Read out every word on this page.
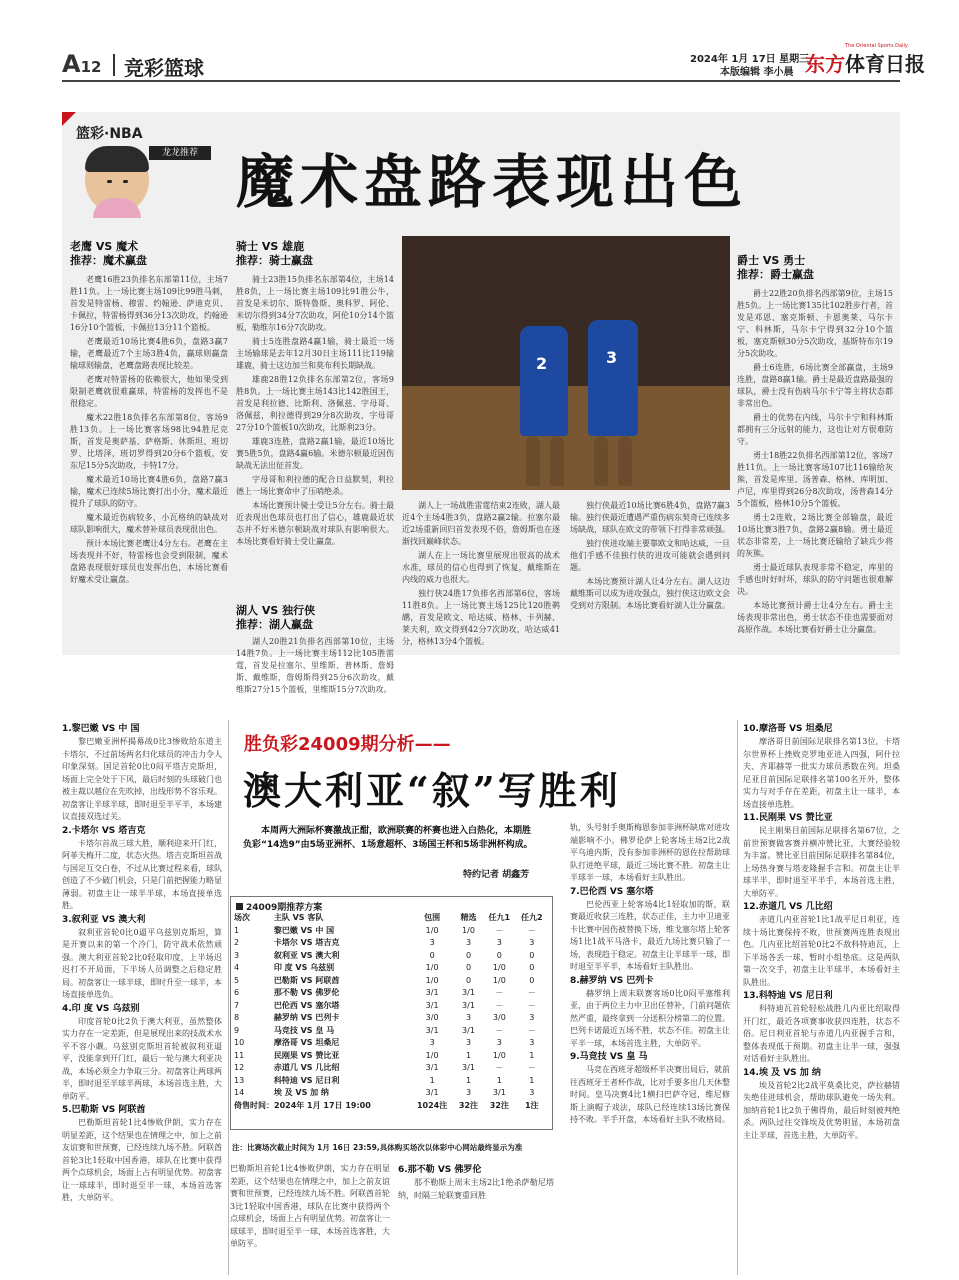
A12 竞彩篮球	2024年 1月 17日 星期三
本版编辑 李小晨 东方体育日报
The Oriental Sports Daily
篮彩·NBA
龙龙推荐 魔术盘路表现出色
老鹰 VS 魔术
推荐：魔术赢盘

老鹰16胜23负排名东部第11位，主场7胜11负。上一场比赛主场109比99胜马刺，首发是特雷杨、穆雷、约翰逊、萨迪克贝、卡佩拉，特雷杨得到36分13次助攻，约翰逊16分10个篮板，卡佩拉13分11个篮板。

老鹰最近10场比赛4胜6负，盘路3赢7输，老鹰最近7个主场3胜4负，赢球则赢盘输球则输盘，老鹰盘路表现比较差。

老鹰对特雷杨的依赖很大，他如果受到限制老鹰就很难赢球，特雷杨的发挥也不是很稳定。

魔术22胜18负排名东部第8位，客场9胜13负。上一场比赛客场98比94胜尼克斯，首发是奥萨基、萨格斯、休斯坦、班切罗、比塔泽，班切罗得到20分6个篮板，安东尼15分5次助攻，卡特17分。

魔术最近10场比赛4胜6负，盘路7赢3输，魔术已连续5场比赛打出小分，魔术最近提升了球队的防守。

魔术最近伤病较多，小瓦格纳的缺战对球队影响很大，魔术替补球员表现很出色。

预计本场比赛老鹰让4分左右。老鹰在主场表现并不好，特雷杨也会受到限制，魔术盘路表现很好球员也发挥出色，本场比赛看好魔术受让赢盘。

骑士 VS 雄鹿
推荐：骑士赢盘

骑士23胜15负排名东部第4位，主场14胜8负，上一场比赛主场109比91胜公牛，首发是米切尔、斯特鲁斯、奥科罗、阿伦、米切尔得到34分7次助攻，阿伦10分14个篮板，勒维尔16分7次助攻。

骑士5连胜盘路4赢1输，骑士最近一场主场输球是去年12月30日主场111比119输雄鹿，骑士这边加兰和莫布利长期缺战。

雄鹿28胜12负排名东部第2位，客场9胜8负。上一场比赛主场143比142胜国王，首发是利拉德、比斯利、洛佩兹、字母哥、洛佩兹，利拉德得到29分8次助攻，字母哥27分10个篮板10次助攻，比斯利23分。

雄鹿3连胜，盘路2赢1输，最近10场比赛5胜5负，盘路4赢6输。米德尔顿最近因伤缺战无法出征首发。

字母哥和利拉德的配合日益默契，利拉德上一场比赛命中了压哨绝杀。

本场比赛预计骑士受让5分左右。骑士最近表现出色球员也打出了信心，雄鹿最近状态并不好米德尔顿缺战对球队有影响很大。本场比赛看好骑士受让赢盘。

2	3
湖人 VS 独行侠
推荐：湖人赢盘

湖人20胜21负排名西部第10位，主场14胜7负。上一场比赛主场112比105胜雷霆，首发是拉塞尔、里维斯、普林斯、詹姆斯、戴维斯，詹姆斯得到25分6次助攻，戴维斯27分15个篮板，里维斯15分7次助攻。

湖人上一场战胜雷霆结束2连败，湖人最近4个主场4胜3负，盘路2赢2输。拉塞尔最近2场重新回归首发表现不俗，詹姆斯也在逐渐找回巅峰状态。

湖人在上一场比赛里展现出很高的战术水准，球员的信心也得到了恢复，戴维斯在内线的威力也很大。

独行侠24胜17负排名西部第6位，客场11胜8负。上一场比赛主场125比120胜鹈鹕，首发是欧文、哈达威、格林、卡列赫、莱夫利，欧文得到42分7次助攻，哈达威41分，格林13分4个篮板。

独行侠最近10场比赛6胜4负，盘路7赢3输。独行侠最近遭遇严重伤病东契奇已连续多场缺战，球队在欧文的带领下打得非常顽强。

独行侠进攻端主要靠欧文和哈达威，一旦他们手感不佳独行侠的进攻可能就会遇到问题。

本场比赛预计湖人让4分左右。湖人这边戴维斯可以成为进攻强点，独行侠这边欧文会受到对方限制。本场比赛看好湖人让分赢盘。

爵士 VS 勇士
推荐：爵士赢盘

爵士22胜20负排名西部第9位，主场15胜5负。上一场比赛135比102胜步行者，首发是邓恩、塞克斯顿、卡恩奥莱、马尔卡宁、科林斯，马尔卡宁得到32分10个篮板，塞克斯顿30分5次助攻，基斯特布尔19分5次助攻。

爵士6连胜，6场比赛全部赢盘，主场9连胜，盘路8赢1输。爵士是最近盘路最强的球队，爵士没有伤病马尔卡宁等主将状态都非常出色。

爵士的优势在内线，马尔卡宁和科林斯都拥有三分远射的能力，这也让对方很难防守。

勇士18胜22负排名西部第12位，客场7胜11负。上一场比赛客场107比116输给灰熊，首发是库里、汤普森、格林、库明加、卢尼，库里得到26分8次助攻，汤普森14分5个篮板，格林10分5个篮板。

勇士2连败，2场比赛全部输盘，最近10场比赛3胜7负，盘路2赢8输。勇士最近状态非常差，上一场比赛还输给了缺兵少将的灰熊。

勇士最近球队表现非常不稳定，库里的手感也时好时坏，球队的防守问题也很难解决。

本场比赛预计爵士让4分左右。爵士主场表现非常出色，勇士状态不佳也需要面对高原作战。本场比赛看好爵士让分赢盘。

1.黎巴嫩 VS 中 国

黎巴嫩亚洲杯揭幕战0比3惨败给东道主卡塔尔，不过前场两名归化球员的冲击力令人印象深刻。国足首轮0比0闷平塔吉克斯坦，场面上完全处于下风，最后时刻的头球破门也被主裁以越位在先吹掉，出线形势不容乐观。初盘客让半球半球，即时退至半平半，本场建议直接双选过关。

2.卡塔尔 VS 塔吉克

卡塔尔首战三球大胜，顺利迎来开门红，阿菲夫梅开二度，状态火热。塔吉克斯坦首战与国足互交白卷，不过从比赛过程来看，球队创造了不少破门机会，只是门前把握能力略显薄弱。初盘主让一球半半球，本场直接单选胜。

3.叙利亚 VS 澳大利

叙利亚首轮0比0逼平乌兹别克斯坦，算是开赛以来的第一个冷门，防守战术依然顽强。澳大利亚首轮2比0轻取印度，上半场迟迟打不开局面，下半场人员调整之后稳定胜局。初盘客让一球半球，即时升至一球半，本场直接单选负。

4.印 度 VS 乌兹别

印度首轮0比2负于澳大利亚，虽然整体实力存在一定差距，但是展现出来的技战术水平不容小觑。乌兹别克斯坦首轮被叙利亚逼平，没能拿到开门红，最后一轮与澳大利亚决战，本场必须全力争取三分。初盘客让两球两半，即时退至半球半两球，本场首选主胜，大单防平。

5.巴勒斯 VS 阿联酋

巴勒斯坦首轮1比4惨败伊朗，实力存在明显差距，这个结果也在情理之中，加上之前友谊赛和世预赛，已经连续九场不胜。阿联酋首轮3比1轻取中国香港，球队在比赛中获得两个点球机会，场面上占有明显优势。初盘客让一球球半，即时退至半一球，本场首选客胜，大单防平。

胜负彩24009期分析——
澳大利亚“叙”写胜利
本周两大洲际杯赛激战正酣，欧洲联赛的杯赛也进入白热化，本期胜负彩“14选9”由5场亚洲杯、1场意超杯、3场国王杯和5场非洲杯构成。
特约记者 胡鑫芳
24009期推荐方案
场次	主队 VS 客队	包围	精选	任九1	任九2
1	黎巴嫩 VS 中 国	1/0	1/0	－	－
2	卡塔尔 VS 塔吉克	3	3	3	3
3	叙利亚 VS 澳大利	0	0	0	0
4	印 度 VS 乌兹别	1/0	0	1/0	0
5	巴勒斯 VS 阿联酋	1/0	0	1/0	0
6	那不勒 VS 佛罗伦	3/1	3/1	－	－
7	巴伦西 VS 塞尔塔	3/1	3/1	－	－
8	赫罗纳 VS 巴列卡	3/0	3	3/0	3
9	马竞技 VS 皇 马	3/1	3/1	－	－
10	摩洛哥 VS 坦桑尼	3	3	3	3
11	民刚果 VS 赞比亚	1/0	1	1/0	1
12	赤道几 VS 几比绍	3/1	3/1	－	－
13	科特迪 VS 尼日利	1	1	1	1
14	埃 及 VS 加 纳	3/1	3	3/1	3
倚售时间：2024年 1月 17日 19:00		1024注	32注	32注	1注
注：比赛场次截止时间为 1月 16日 23:59,具体购买场次以体彩中心网站最终显示为准

巴勒斯坦首轮1比4惨败伊朗，实力存在明显差距，这个结果也在情理之中，加上之前友谊赛和世预赛，已经连续九场不胜。阿联酋首轮3比1轻取中国香港，球队在比赛中获得两个点球机会，场面上占有明显优势。初盘客让一球球半，即时退至半一球，本场首选客胜，大单防平。

6.那不勒 VS 佛罗伦

那不勒斯上周末主场2比1绝杀萨勒尼塔纳，时隔三轮联赛重回胜

轨，头号射手奥斯梅恩参加非洲杯缺席对进攻端影响不小。佛罗伦萨上轮客场主场2比2战平乌迪内斯，没有参加非洲杯的恩佐拉帮助球队打进绝平球，最近三场比赛不胜。初盘主让半球半一球，本场看好主队胜出。

7.巴伦西 VS 塞尔塔

巴伦西亚上轮客场4比1轻取加的斯，联赛最近收获三连胜，状态正佳，主力中卫迪亚卡比赛中因伤被替换下场，维戈塞尔塔上轮客场1比1战平马洛卡，最近九场比赛只输了一场，表现趋于稳定。初盘主让半球半一球，即时退至半平半，本场看好主队胜出。

8.赫罗纳 VS 巴列卡

赫罗纳上周末联赛客场0比0闷平塞维利亚，由于两位主力中卫出任替补，门前问题依然严重，最终拿到一分送积分榜第二的位置。巴列卡诺最近五场不胜，状态不佳。初盘主让平半一球，本场首选主胜，大单防平。

9.马竞技 VS 皇 马

马竞在西班牙超级杯半决赛出局后，就前往西班牙王者杯作战，比对手要多出几天休整时间。皇马决赛4比1横扫巴萨夺冠，维尼修斯上演帽子戏法，球队已经连续13场比赛保持不败。半手开盘，本场看好主队不败格局。

10.摩洛哥 VS 坦桑尼

摩洛哥目前国际足联排名第13位，卡塔尔世界杯上挫败克罗地亚进入四强，阿什拉夫、齐耶赫等一批实力球员悉数在列。坦桑尼亚目前国际足联排名第100名开外，整体实力与对手存在差距，初盘主让一球半，本场直接单选胜。

11.民刚果 VS 赞比亚

民主刚果目前国际足联排名第67位，之前世预赛做客赛并横冲赞比亚，大赛经验较为丰富。赞比亚目前国际足联排名第84位，上场热身赛与塔麦隆握手言和。初盘主让半球半半，即时退至平半手，本场首选主胜，大单防平。

12.赤道几 VS 几比绍

赤道几内亚首轮1比1战平尼日利亚，连续十场比赛保持不败，世预赛两连胜表现出色。几内亚比绍首轮0比2不敌科特迪瓦，上下半场各丢一球，暂时小组垫底。这是两队第一次交手，初盘主让半球半，本场看好主队胜出。

13.科特迪 VS 尼日利

科特迪瓦首轮轻松战胜几内亚比绍取得开门红，最近各项赛事收获四连胜，状态不俗。尼日利亚首轮与赤道几内亚握手言和，整体表现低于预期。初盘主让半一球，强强对话看好主队胜出。

14.埃 及 VS 加 纳

埃及首轮2比2战平莫桑比克，萨拉赫错失绝佳进球机会，帮助球队避免一场失利。加纳首轮1比2负于佛得角，最后时刻被判绝杀。两队过往交锋埃及优势明显，本场初盘主让半球，首选主胜，大单防平。
